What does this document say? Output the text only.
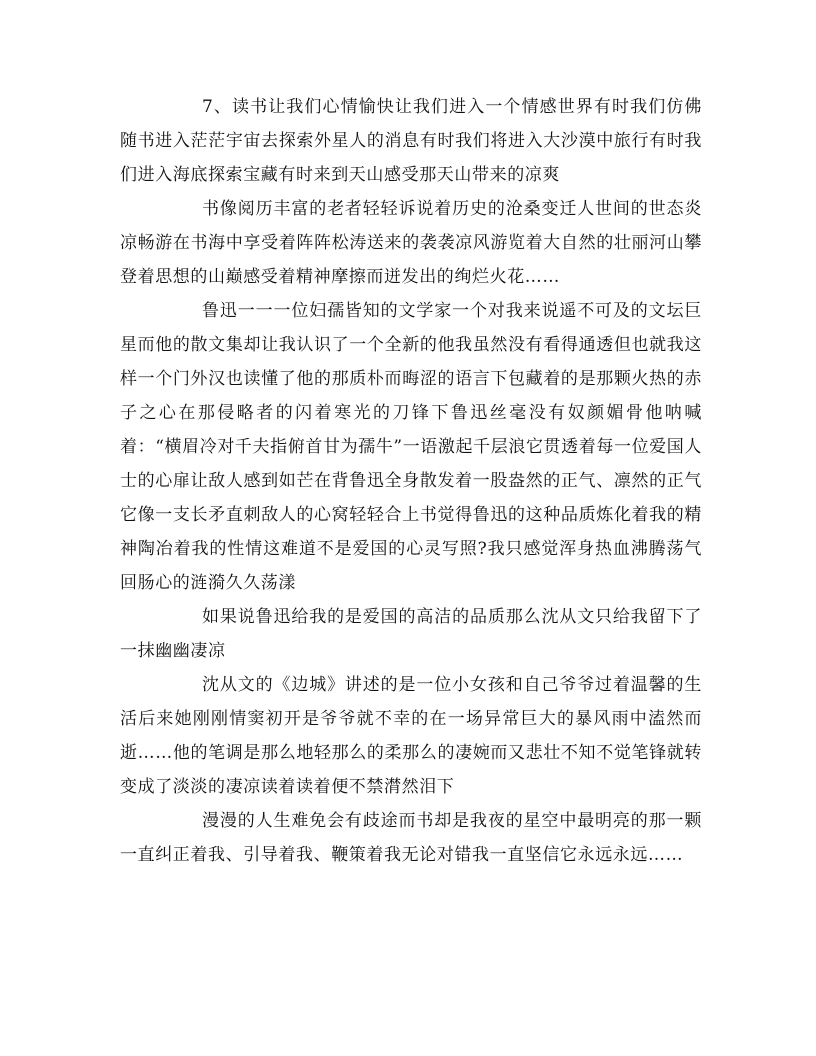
7、读书让我们心情愉快让我们进入一个情感世界有时我们仿佛随书进入茫茫宇宙去探索外星人的消息有时我们将进入大沙漠中旅行有时我们进入海底探索宝藏有时来到天山感受那天山带来的凉爽

书像阅历丰富的老者轻轻诉说着历史的沧桑变迁人世间的世态炎凉畅游在书海中享受着阵阵松涛送来的袭袭凉风游览着大自然的壮丽河山攀登着思想的山巅感受着精神摩擦而迸发出的绚烂火花……

鲁迅一一一位妇孺皆知的文学家一个对我来说遥不可及的文坛巨星而他的散文集却让我认识了一个全新的他我虽然没有看得通透但也就我这样一个门外汉也读懂了他的那质朴而晦涩的语言下包藏着的是那颗火热的赤子之心在那侵略者的闪着寒光的刀锋下鲁迅丝毫没有奴颜媚骨他呐喊着：“横眉冷对千夫指俯首甘为孺牛”一语激起千层浪它贯透着每一位爱国人士的心扉让敌人感到如芒在背鲁迅全身散发着一股盎然的正气、凛然的正气它像一支长矛直刺敌人的心窝轻轻合上书觉得鲁迅的这种品质炼化着我的精神陶冶着我的性情这难道不是爱国的心灵写照?我只感觉浑身热血沸腾荡气回肠心的涟漪久久荡漾

如果说鲁迅给我的是爱国的高洁的品质那么沈从文只给我留下了一抹幽幽凄凉

沈从文的《边城》讲述的是一位小女孩和自己爷爷过着温馨的生活后来她刚刚情窦初开是爷爷就不幸的在一场异常巨大的暴风雨中溘然而逝……他的笔调是那么地轻那么的柔那么的凄婉而又悲壮不知不觉笔锋就转变成了淡淡的凄凉读着读着便不禁潸然泪下

漫漫的人生难免会有歧途而书却是我夜的星空中最明亮的那一颗一直纠正着我、引导着我、鞭策着我无论对错我一直坚信它永远永远……
